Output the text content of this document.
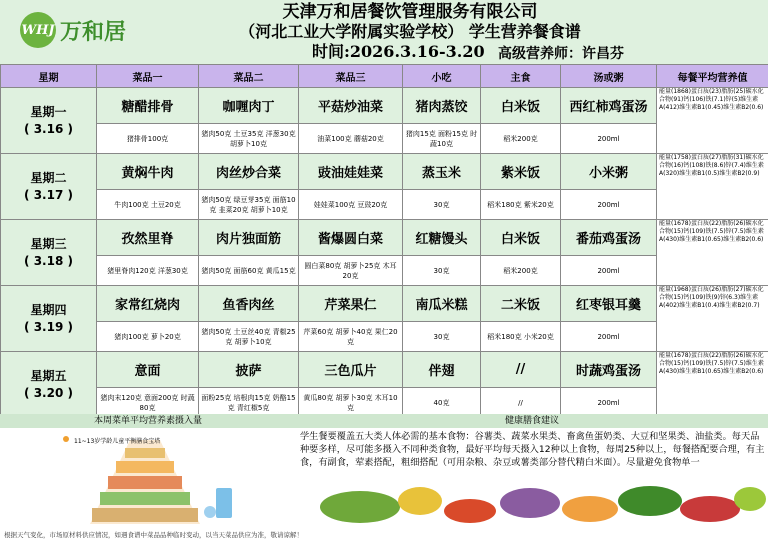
WHJ 万和居
天津万和居餐饮管理服务有限公司
（河北工业大学附属实验学校） 学生营养餐食谱
时间:2026.3.16-3.20 高级营养师：许昌芬
星期	菜品一	菜品二	菜品三	小吃	主食	汤或粥	每餐平均营养值

星期一
( 3.16 )	糖醋排骨	咖喱肉丁	平菇炒油菜	猪肉蒸饺	白米饭	西红柿鸡蛋汤	能量(1868)蛋白质(23)脂肪(25)碳水化合物(91)钙(106)铁(7.1)锌(5)维生素A(412)维生素B1(0.45)维生素B2(0.6)
	猪排骨100克	猪肉50克 土豆35克 洋葱30克 胡萝卜10克	油菜100克 蘑菇20克	猪肉15克 面粉15克 时蔬10克	稻米200克	200ml	

星期二
( 3.17 )	黄焖牛肉	肉丝炒合菜	豉油娃娃菜	蒸玉米	紫米饭	小米粥	能量(1758)蛋白质(27)脂肪(31)碳水化合物(16)钙(108)铁(8.6)锌(7.4)维生素A(320)维生素B1(0.5)维生素B2(0.9)
	牛肉100克 土豆20克	猪肉50克 绿豆芽35克 面筋10克 韭菜20克 胡萝卜10克	娃娃菜100克 豆豉20克	30克	稻米180克 紫米20克	200ml	

星期三
( 3.18 )	孜然里脊	肉片独面筋	酱爆圆白菜	红糖馒头	白米饭	番茄鸡蛋汤	能量(1678)蛋白质(22)脂肪(26)碳水化合物(15)钙(109)铁(7.5)锌(7.5)维生素A(430)维生素B1(0.65)维生素B2(0.6)
	猪里脊肉120克 洋葱30克	猪肉50克 面筋60克 黄瓜15克	圆白菜80克 胡萝卜25克 木耳20克	30克	稻米200克	200ml	

星期四
( 3.19 )	家常红烧肉	鱼香肉丝	芹菜果仁	南瓜米糕	二米饭	红枣银耳羹	能量(1968)蛋白质(26)脂肪(27)碳水化合物(15)钙(109)铁(9)锌(6.3)维生素A(402)维生素B1(0.4)维生素B2(0.7)
	猪肉100克 萝卜20克	猪肉50克 土豆丝40克 青椒25克 胡萝卜10克	芹菜60克 胡萝卜40克 果仁20克	30克	稻米180克 小米20克	200ml	

星期五
( 3.20 )	意面	披萨	三色瓜片	伴翅	//	时蔬鸡蛋汤	能量(1678)蛋白质(22)脂肪(26)碳水化合物(15)钙(109)铁(7.5)锌(7.5)维生素A(430)维生素B1(0.65)维生素B2(0.6)
	猪肉末120克 意面200克 时蔬80克	面粉25克 培根肉15克 奶酪15克 青红椒5克	黄瓜80克 胡萝卜30克 木耳10克	40克	//	200ml	
本周菜单平均营养素摄入量	健康膳食建议
11~13岁学龄儿童平衡膳食宝塔	学生餐要覆盖五大类人体必需的基本食物：谷薯类、蔬菜水果类、畜禽鱼蛋奶类、大豆和坚果类、油盐类。每天品种要多样，尽可能多摄入不同种类食物，最好平均每天摄入12种以上食物，每周25种以上，每餐搭配要合理，有主食，有副食，荤素搭配，粗细搭配（可用杂粮、杂豆或薯类部分替代精白米面）。尽量避免食物单一
根据天气变化，市场原材料供应情况，如遇食谱中菜品品种临时变动，以当天菜品供应为准，敬请谅解！
